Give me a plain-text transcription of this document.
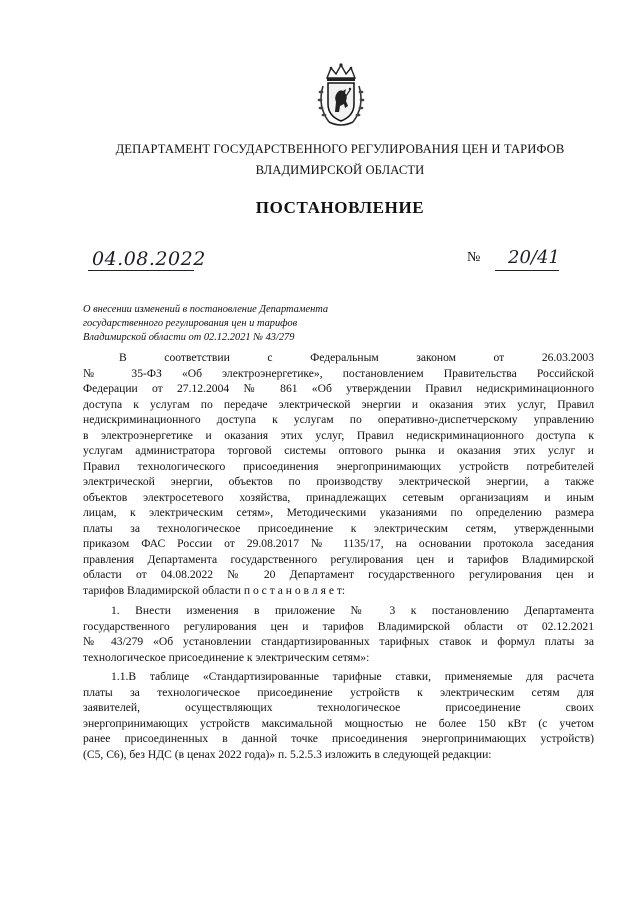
ДЕПАРТАМЕНТ ГОСУДАРСТВЕННОГО РЕГУЛИРОВАНИЯ ЦЕН И ТАРИФОВ
ВЛАДИМИРСКОЙ ОБЛАСТИ
ПОСТАНОВЛЕНИЕ
04.08.2022	№ 20/41
О внесении изменений в постановление Департамента
государственного регулирования цен и тарифов
Владимирской области от 02.12.2021 № 43/279
В соответствии с Федеральным законом от 26.03.2003
№ 35-ФЗ «Об электроэнергетике», постановлением Правительства Российской
Федерации от 27.12.2004 № 861 «Об утверждении Правил недискриминационного
доступа к услугам по передаче электрической энергии и оказания этих услуг, Правил
недискриминационного доступа к услугам по оперативно-диспетчерскому управлению
в электроэнергетике и оказания этих услуг, Правил недискриминационного доступа к
услугам администратора торговой системы оптового рынка и оказания этих услуг и
Правил технологического присоединения энергопринимающих устройств потребителей
электрической энергии, объектов по производству электрической энергии, а также
объектов электросетевого хозяйства, принадлежащих сетевым организациям и иным
лицам, к электрическим сетям», Методическими указаниями по определению размера
платы за технологическое присоединение к электрическим сетям, утвержденными
приказом ФАС России от 29.08.2017 № 1135/17, на основании протокола заседания
правления Департамента государственного регулирования цен и тарифов Владимирской
области от 04.08.2022 № 20 Департамент государственного регулирования цен и
тарифов Владимирской области п о с т а н о в л я е т:
1. Внести изменения в приложение № 3 к постановлению Департамента
государственного регулирования цен и тарифов Владимирской области от 02.12.2021
№ 43/279 «Об установлении стандартизированных тарифных ставок и формул платы за
технологическое присоединение к электрическим сетям»:
1.1.В таблице «Стандартизированные тарифные ставки, применяемые для расчета
платы за технологическое присоединение устройств к электрическим сетям для
заявителей, осуществляющих технологическое присоединение своих
энергопринимающих устройств максимальной мощностью не более 150 кВт (с учетом
ранее присоединенных в данной точке присоединения энергопринимающих устройств)
(С5, С6), без НДС (в ценах 2022 года)» п. 5.2.5.3 изложить в следующей редакции:
